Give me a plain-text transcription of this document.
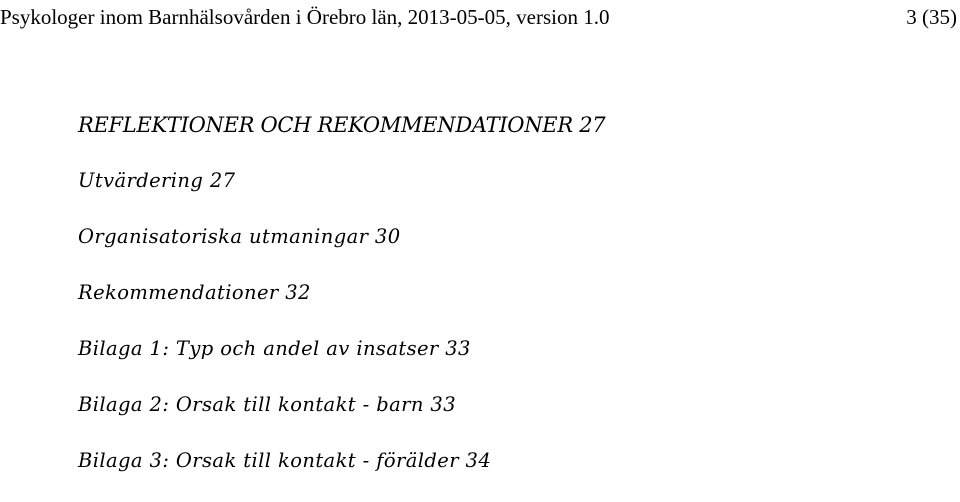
Psykologer inom Barnhälsovården i Örebro län, 2013-05-05, version 1.0	3 (35)
REFLEKTIONER OCH REKOMMENDATIONER 27
Utvärdering 27
Organisatoriska utmaningar 30
Rekommendationer 32
Bilaga 1: Typ och andel av insatser 33
Bilaga 2: Orsak till kontakt - barn 33
Bilaga 3: Orsak till kontakt - förälder 34
